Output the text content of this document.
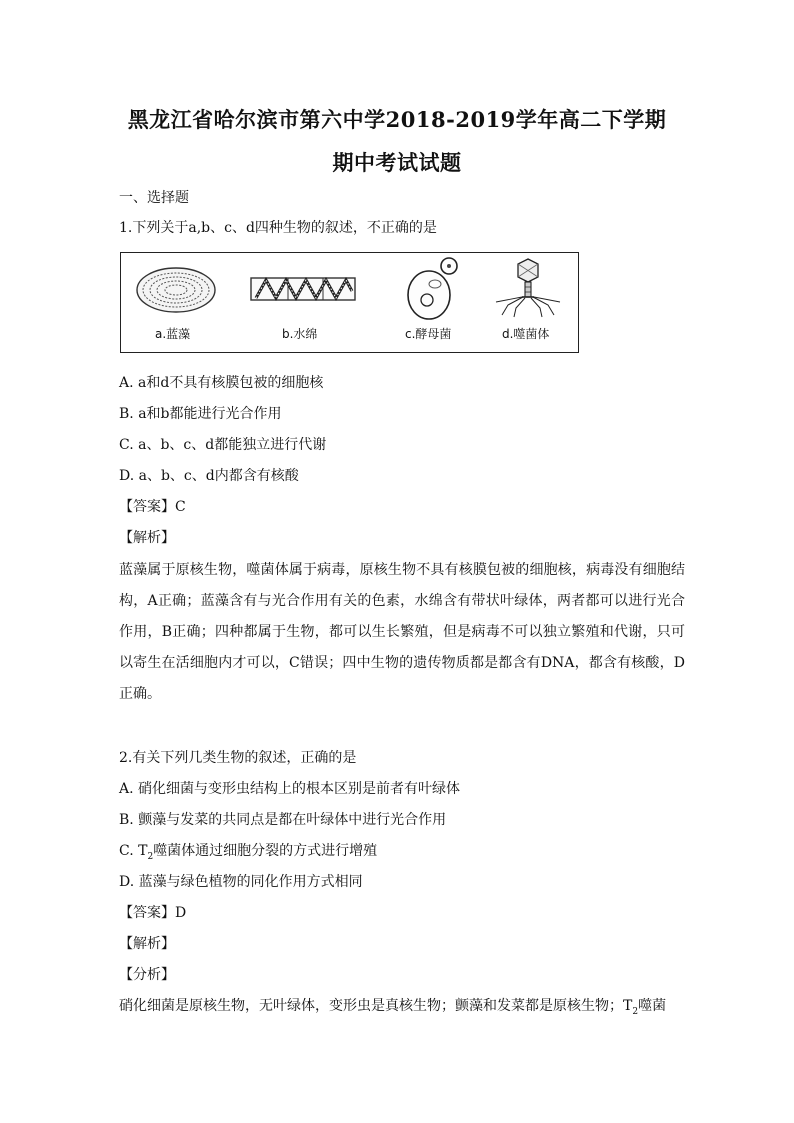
黑龙江省哈尔滨市第六中学2018-2019学年高二下学期
期中考试试题
一、选择题
1.下列关于a,b、c、d四种生物的叙述，不正确的是
a.蓝藻	b.水绵	c.酵母菌	d.噬菌体
A. a和d不具有核膜包被的细胞核
B. a和b都能进行光合作用
C. a、b、c、d都能独立进行代谢
D. a、b、c、d内都含有核酸
【答案】C
【解析】
蓝藻属于原核生物，噬菌体属于病毒，原核生物不具有核膜包被的细胞核，病毒没有细胞结构，A正确；蓝藻含有与光合作用有关的色素，水绵含有带状叶绿体，两者都可以进行光合作用，B正确；四种都属于生物，都可以生长繁殖，但是病毒不可以独立繁殖和代谢，只可以寄生在活细胞内才可以，C错误；四中生物的遗传物质都是都含有DNA，都含有核酸，D正确。
2.有关下列几类生物的叙述，正确的是
A. 硝化细菌与变形虫结构上的根本区别是前者有叶绿体
B. 颤藻与发菜的共同点是都在叶绿体中进行光合作用
C. $T_2$噬菌体通过细胞分裂的方式进行增殖
D. 蓝藻与绿色植物的同化作用方式相同
【答案】D
【解析】
【分析】
硝化细菌是原核生物，无叶绿体，变形虫是真核生物；颤藻和发菜都是原核生物；$T_2$噬菌
